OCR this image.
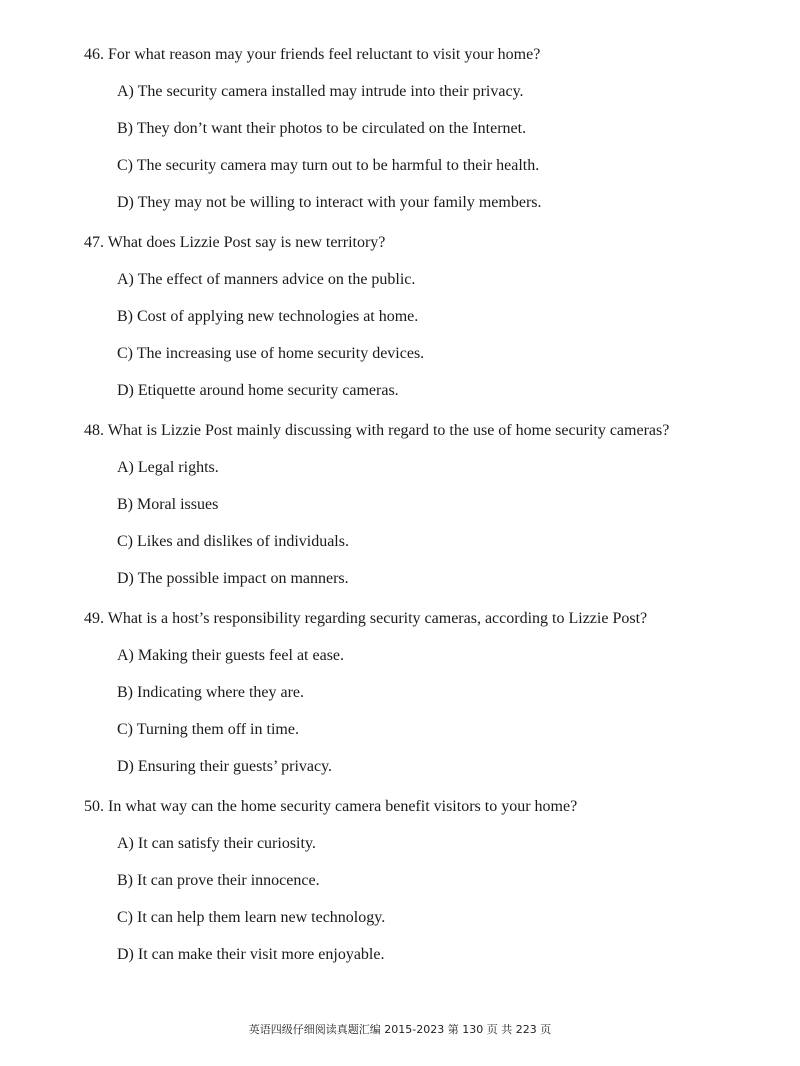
46. For what reason may your friends feel reluctant to visit your home?

A) The security camera installed may intrude into their privacy.
B) They don’t want their photos to be circulated on the Internet.
C) The security camera may turn out to be harmful to their health.
D) They may not be willing to interact with your family members.

47. What does Lizzie Post say is new territory?

A) The effect of manners advice on the public.
B) Cost of applying new technologies at home.
C) The increasing use of home security devices.
D) Etiquette around home security cameras.

48. What is Lizzie Post mainly discussing with regard to the use of home security cameras?

A) Legal rights.
B) Moral issues
C) Likes and dislikes of individuals.
D) The possible impact on manners.

49. What is a host’s responsibility regarding security cameras, according to Lizzie Post?

A) Making their guests feel at ease.
B) Indicating where they are.
C) Turning them off in time.
D) Ensuring their guests’ privacy.

50. In what way can the home security camera benefit visitors to your home?

A) It can satisfy their curiosity.
B) It can prove their innocence.
C) It can help them learn new technology.
D) It can make their visit more enjoyable.
英语四级仔细阅读真题汇编 2015-2023 第 130 页 共 223 页
